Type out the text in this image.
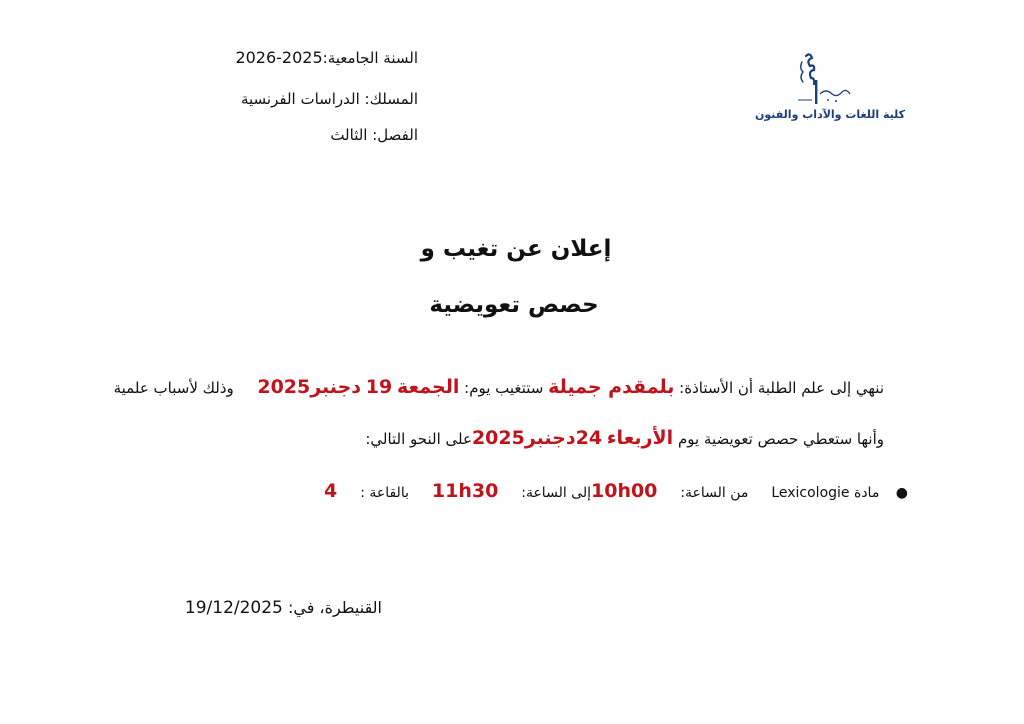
السنة الجامعية:2026-2025
المسلك: الدراسات الفرنسية
الفصل: الثالث
كلية اللغات والآداب والفنون
إعلان عن تغيب و
حصص تعويضية
ننهي إلى علم الطلبة أن الأستاذة: بلمقدم جميلة ستتغيب يوم: الجمعة 19 دجنبر2025  وذلك لأسباب علمية
وأنها ستعطي حصص تعويضية يوم الأربعاء 24دجنبر2025على النحو التالي:
● مادة Lexicologie  من الساعة:  10h00إلى الساعة:  11h30  بالقاعة :  4
القنيطرة، في: 19/12/2025
